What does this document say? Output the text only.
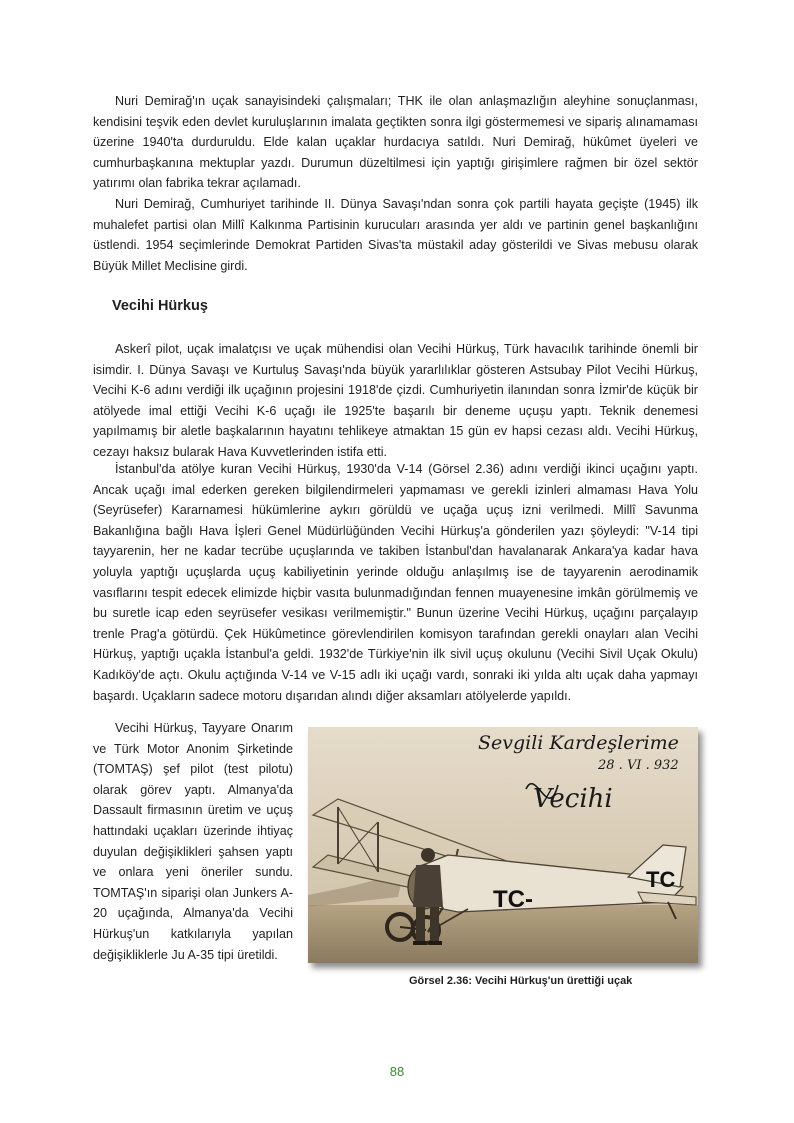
Nuri Demirağ'ın uçak sanayisindeki çalışmaları; THK ile olan anlaşmazlığın aleyhine sonuçlanması, kendisini teşvik eden devlet kuruluşlarının imalata geçtikten sonra ilgi göstermemesi ve sipariş alınamaması üzerine 1940'ta durduruldu. Elde kalan uçaklar hurdacıya satıldı. Nuri Demirağ, hükûmet üyeleri ve cumhurbaşkanına mektuplar yazdı. Durumun düzeltilmesi için yaptığı girişimlere rağmen bir özel sektör yatırımı olan fabrika tekrar açılamadı.

Nuri Demirağ, Cumhuriyet tarihinde II. Dünya Savaşı'ndan sonra çok partili hayata geçişte (1945) ilk muhalefet partisi olan Millî Kalkınma Partisinin kurucuları arasında yer aldı ve partinin genel başkanlığını üstlendi. 1954 seçimlerinde Demokrat Partiden Sivas'ta müstakil aday gösterildi ve Sivas mebusu olarak Büyük Millet Meclisine girdi.

Vecihi Hürkuş

Askerî pilot, uçak imalatçısı ve uçak mühendisi olan Vecihi Hürkuş, Türk havacılık tarihinde önemli bir isimdir. I. Dünya Savaşı ve Kurtuluş Savaşı'nda büyük yararlılıklar gösteren Astsubay Pilot Vecihi Hürkuş, Vecihi K-6 adını verdiği ilk uçağının projesini 1918'de çizdi. Cumhuriyetin ilanından sonra İzmir'de küçük bir atölyede imal ettiği Vecihi K-6 uçağı ile 1925'te başarılı bir deneme uçuşu yaptı. Teknik denemesi yapılmamış bir aletle başkalarının hayatını tehlikeye atmaktan 15 gün ev hapsi cezası aldı. Vecihi Hürkuş, cezayı haksız bularak Hava Kuvvetlerinden istifa etti.

İstanbul'da atölye kuran Vecihi Hürkuş, 1930'da V-14 (Görsel 2.36) adını verdiği ikinci uçağını yaptı. Ancak uçağı imal ederken gereken bilgilendirmeleri yapmaması ve gerekli izinleri almaması Hava Yolu (Seyrüsefer) Kararnamesi hükümlerine aykırı görüldü ve uçağa uçuş izni verilmedi. Millî Savunma Bakanlığına bağlı Hava İşleri Genel Müdürlüğünden Vecihi Hürkuş'a gönderilen yazı şöyleydi: "V-14 tipi tayyarenin, her ne kadar tecrübe uçuşlarında ve takiben İstanbul'dan havalanarak Ankara'ya kadar hava yoluyla yaptığı uçuşlarda uçuş kabiliyetinin yerinde olduğu anlaşılmış ise de tayyarenin aerodinamik vasıflarını tespit edecek elimizde hiçbir vasıta bulunmadığından fennen muayenesine imkân görülmemiş ve bu suretle icap eden seyrüsefer vesikası verilmemiştir." Bunun üzerine Vecihi Hürkuş, uçağını parçalayıp trenle Prag'a götürdü. Çek Hükûmetince görevlendirilen komisyon tarafından gerekli onayları alan Vecihi Hürkuş, yaptığı uçakla İstanbul'a geldi. 1932'de Türkiye'nin ilk sivil uçuş okulunu (Vecihi Sivil Uçak Okulu) Kadıköy'de açtı. Okulu açtığında V-14 ve V-15 adlı iki uçağı vardı, sonraki iki yılda altı uçak daha yapmayı başardı. Uçakların sadece motoru dışarıdan alındı diğer aksamları atölyelerde yapıldı.

Vecihi Hürkuş, Tayyare Onarım ve Türk Motor Anonim Şirketinde (TOMTAŞ) şef pilot (test pilotu) olarak görev yaptı. Almanya'da Dassault firmasının üretim ve uçuş hattındaki uçakları üzerinde ihtiyaç duyulan değişiklikleri şahsen yaptı ve onlara yeni öneriler sundu. TOMTAŞ'ın siparişi olan Junkers A-20 uçağında, Almanya'da Vecihi Hürkuş'un katkılarıyla yapılan değişikliklerle Ju A-35 tipi üretildi.

TC-
TC
Sevgili Kardeşlerime
28 . VI . 932
Vecihi
Görsel 2.36: Vecihi Hürkuş'un ürettiği uçak
88
